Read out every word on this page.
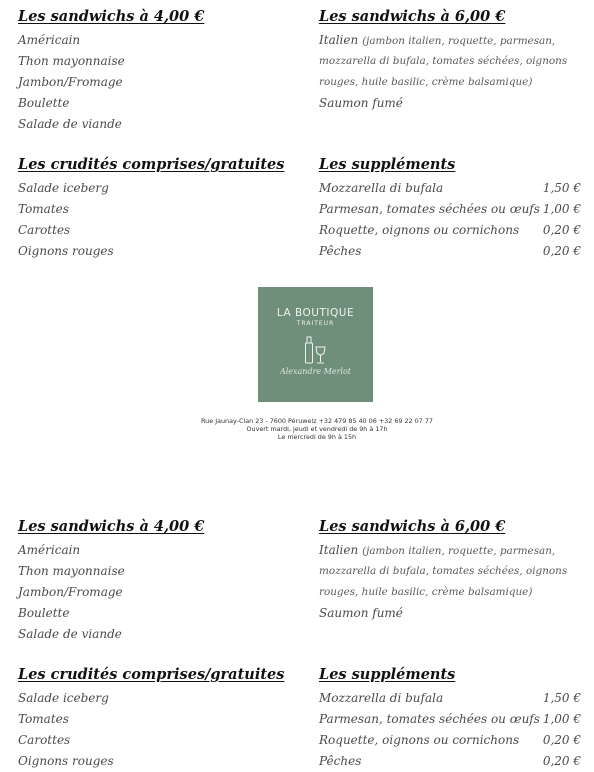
Les sandwichs à 4,00 €
Américain
Thon mayonnaise
Jambon/Fromage
Boulette
Salade de viande
Les sandwichs à 6,00 €
Italien (jambon italien, roquette, parmesan,
mozzarella di bufala, tomates séchées, oignons
rouges, huile basilic, crème balsamique)
Saumon fumé
Les crudités comprises/gratuites
Salade iceberg
Tomates
Carottes
Oignons rouges
Les suppléments
Mozzarella di bufala	1,50 €
Parmesan, tomates séchées ou œufs 1,00 €
Roquette, oignons ou cornichons 0,20 €
Pêches	0,20 €
LA BOUTIQUE
TRAITEUR
Alexandre Merlot
Rue Jaunay-Clan 23 - 7600 Péruwelz +32 479 85 40 06 +32 69 22 07 77
Ouvert mardi, jeudi et vendredi de 9h à 17h
Le mercredi de 9h à 15h
Les sandwichs à 4,00 €
Américain
Thon mayonnaise
Jambon/Fromage
Boulette
Salade de viande
Les sandwichs à 6,00 €
Italien (jambon italien, roquette, parmesan,
mozzarella di bufala, tomates séchées, oignons
rouges, huile basilic, crème balsamique)
Saumon fumé
Les crudités comprises/gratuites
Salade iceberg
Tomates
Carottes
Oignons rouges
Les suppléments
Mozzarella di bufala	1,50 €
Parmesan, tomates séchées ou œufs 1,00 €
Roquette, oignons ou cornichons 0,20 €
Pêches	0,20 €
